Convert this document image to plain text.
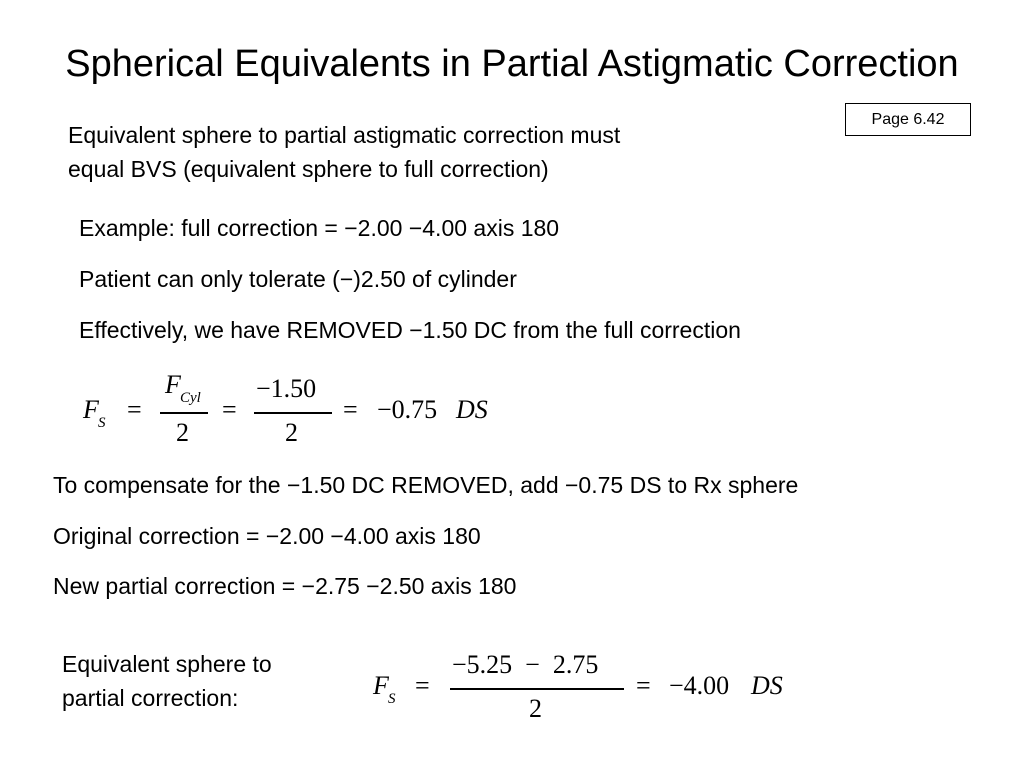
Spherical Equivalents in Partial Astigmatic Correction
Page 6.42
Equivalent sphere to partial astigmatic correction must
equal BVS (equivalent sphere to full correction)
Example: full correction = −2.00 −4.00 axis 180
Patient can only tolerate (−)2.50 of cylinder
Effectively, we have REMOVED −1.50 DC from the full correction
F S =
F Cyl
2
=
−1.50
2
= −0.75 DS
To compensate for the −1.50 DC REMOVED, add −0.75 DS to Rx sphere
Original correction = −2.00 −4.00 axis 180
New partial correction = −2.75 −2.50 axis 180
Equivalent sphere to
partial correction:	F S =
−5.25  −  2.75
2
= −4.00 DS
